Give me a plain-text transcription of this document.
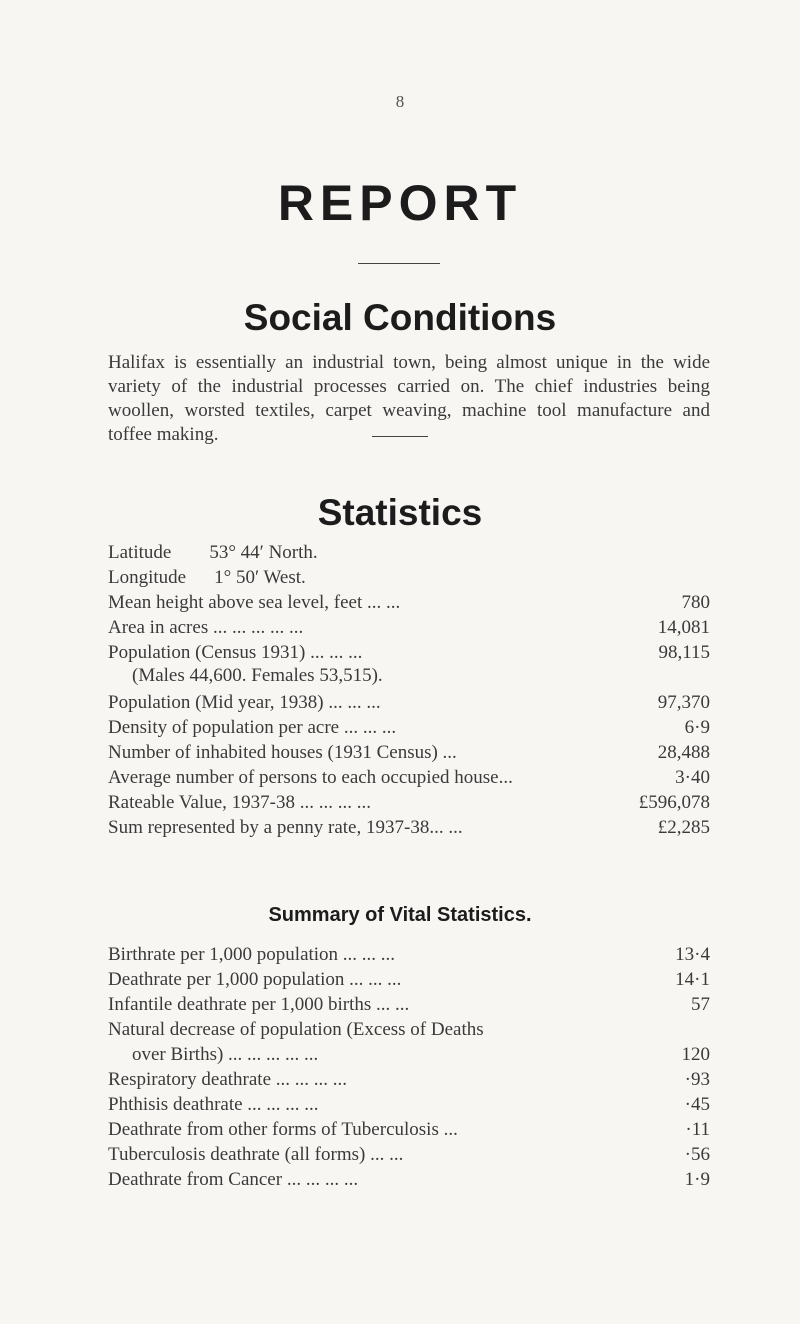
8
REPORT
Social Conditions
Halifax is essentially an industrial town, being almost unique in the wide variety of the industrial processes carried on. The chief industries being woollen, worsted textiles, carpet weaving, machine tool manufacture and toffee making.
Statistics
Latitude 53° 44′ North.
Longitude 1° 50′ West.
Mean height above sea level, feet ... ...	780
Area in acres ... ... ... ... ...	14,081
Population (Census 1931) ... ... ...	98,115
(Males 44,600. Females 53,515).
Population (Mid year, 1938) ... ... ...	97,370
Density of population per acre ... ... ...	6·9
Number of inhabited houses (1931 Census) ...	28,488
Average number of persons to each occupied house...	3·40
Rateable Value, 1937-38 ... ... ... ...	£596,078
Sum represented by a penny rate, 1937-38... ...	£2,285
Summary of Vital Statistics.
Birthrate per 1,000 population ... ... ...	13·4
Deathrate per 1,000 population ... ... ...	14·1
Infantile deathrate per 1,000 births ... ...	57
Natural decrease of population (Excess of Deaths
over Births) ... ... ... ... ...	120
Respiratory deathrate ... ... ... ...	·93
Phthisis deathrate ... ... ... ...	·45
Deathrate from other forms of Tuberculosis ...	·11
Tuberculosis deathrate (all forms) ... ...	·56
Deathrate from Cancer ... ... ... ...	1·9
